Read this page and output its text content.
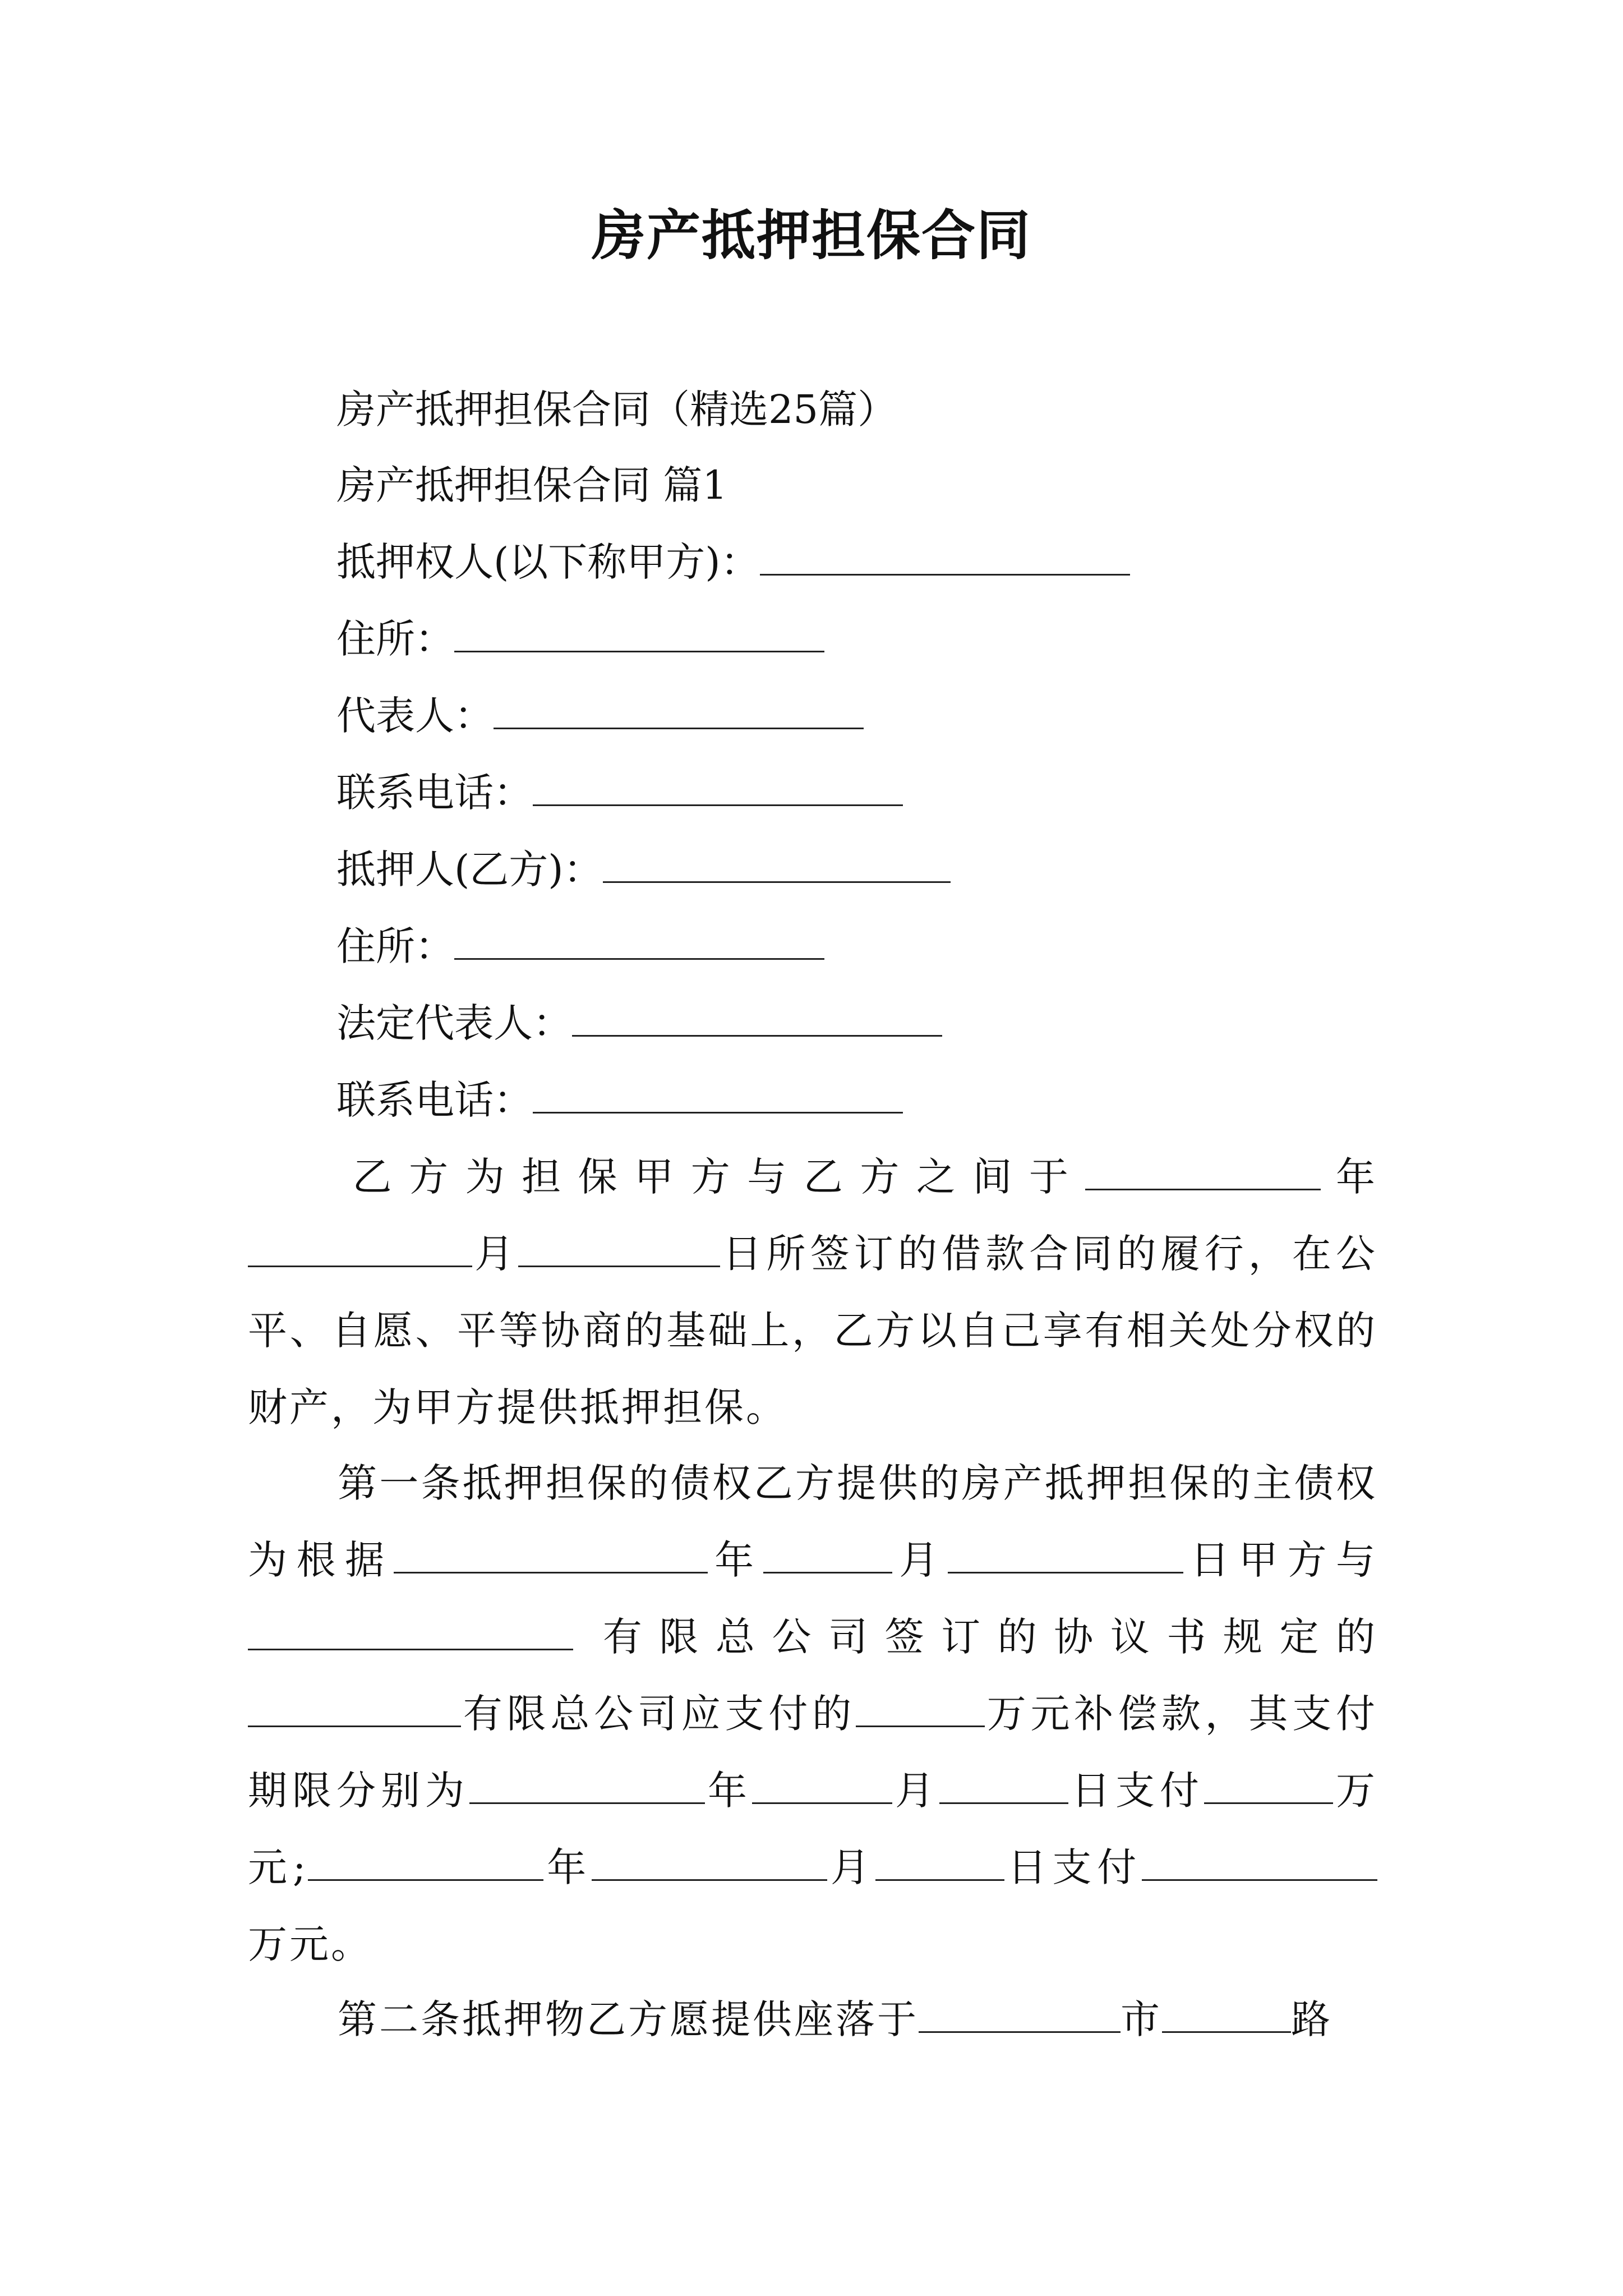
房产抵押担保合同

房产抵押担保合同（精选25篇）

房产抵押担保合同 篇1

抵押权人(以下称甲方)：

住所：

代表人：

联系电话：

抵押人(乙方)：

住所：

法定代表人：

联系电话：

乙方为担保甲方与乙方之间于	年 月	日所签订的借款合同的履行，在公平、自愿、平等协商的基础上，乙方以自己享有相关处分权的财产，为甲方提供抵押担保。

第一条抵押担保的债权乙方提供的房产抵押担保的主债权为根据	年	月	日甲方与  有限总公司签订的协议书规定的 有限总公司应支付的	万元补偿款，其支付期限分别为	年	月	日支付	万元;	年	月	日支付万元。

第二条抵押物乙方愿提供座落于	市	路
